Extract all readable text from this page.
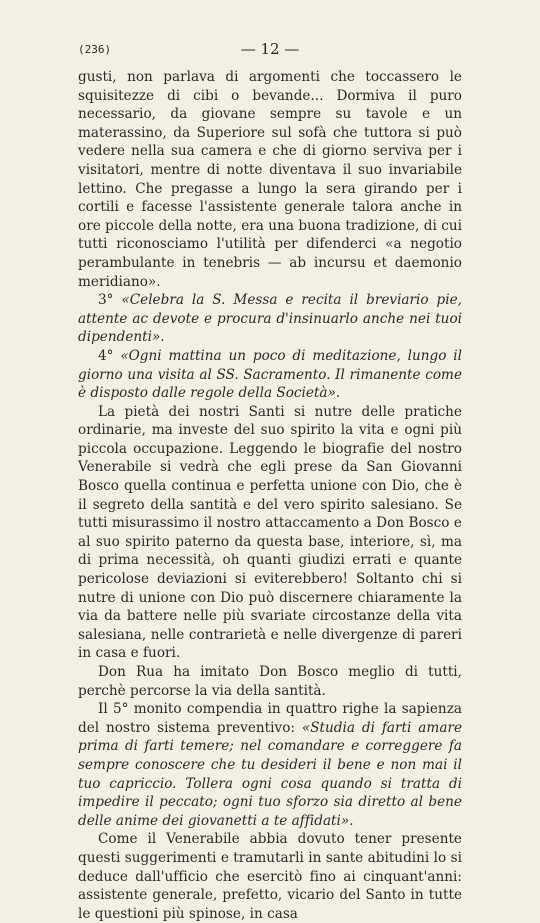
(236)	— 12 —

gusti, non parlava di argomenti che toccassero le squisitezze di cibi o bevande... Dormiva il puro necessario, da giovane sempre su tavole e un materassino, da Superiore sul sofà che tuttora si può vedere nella sua camera e che di giorno serviva per i visitatori, mentre di notte diventava il suo invariabile lettino. Che pregasse a lungo la sera girando per i cortili e facesse l'assistente generale talora anche in ore piccole della notte, era una buona tradizione, di cui tutti riconosciamo l'utilità per difenderci «a negotio perambulante in tenebris — ab incursu et daemonio meridiano».

3° «Celebra la S. Messa e recita il breviario pie, attente ac devote e procura d'insinuarlo anche nei tuoi dipendenti».

4° «Ogni mattina un poco di meditazione, lungo il giorno una visita al SS. Sacramento. Il rimanente come è disposto dalle regole della Società».

La pietà dei nostri Santi si nutre delle pratiche ordinarie, ma investe del suo spirito la vita e ogni più piccola occupazione. Leggendo le biografie del nostro Venerabile si vedrà che egli prese da San Giovanni Bosco quella continua e perfetta unione con Dio, che è il segreto della santità e del vero spirito salesiano. Se tutti misurassimo il nostro attaccamento a Don Bosco e al suo spirito paterno da questa base, interiore, sì, ma di prima necessità, oh quanti giudizi errati e quante pericolose deviazioni si eviterebbero! Soltanto chi si nutre di unione con Dio può discernere chiaramente la via da battere nelle più svariate circostanze della vita salesiana, nelle contrarietà e nelle divergenze di pareri in casa e fuori.

Don Rua ha imitato Don Bosco meglio di tutti, perchè percorse la via della santità.

Il 5° monito compendia in quattro righe la sapienza del nostro sistema preventivo: «Studia di farti amare prima di farti temere; nel comandare e correggere fa sempre conoscere che tu desideri il bene e non mai il tuo capriccio. Tollera ogni cosa quando si tratta di impedire il peccato; ogni tuo sforzo sia diretto al bene delle anime dei giovanetti a te affidati».

Come il Venerabile abbia dovuto tener presente questi suggerimenti e tramutarli in sante abitudini lo si deduce dall'ufficio che esercitò fino ai cinquant'anni: assistente generale, prefetto, vicario del Santo in tutte le questioni più spinose, in casa
